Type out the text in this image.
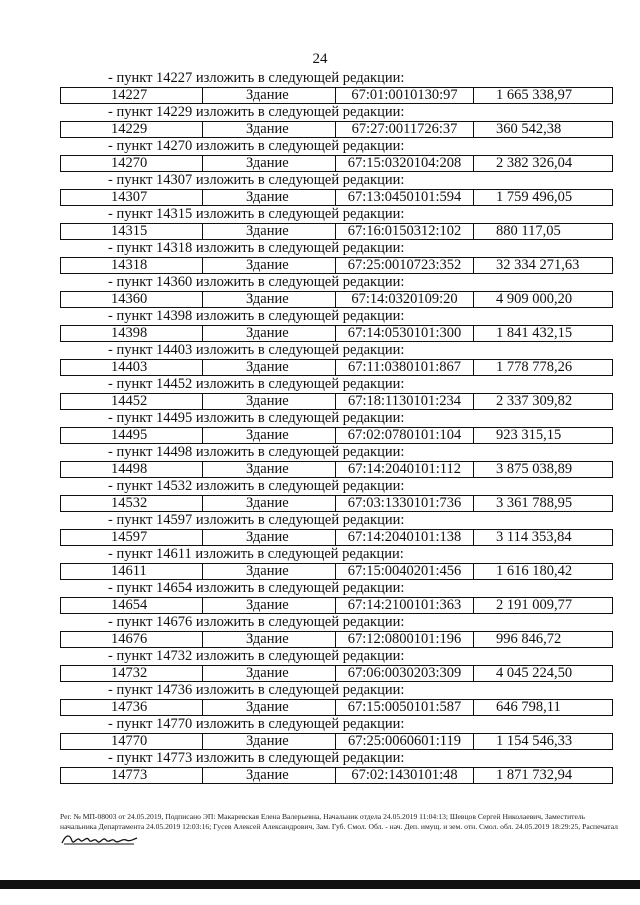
24
- пункт 14227 изложить в следующей редакции:
14227	Здание	67:01:0010130:97	1 665 338,97
- пункт 14229 изложить в следующей редакции:
14229	Здание	67:27:0011726:37	360 542,38
- пункт 14270 изложить в следующей редакции:
14270	Здание	67:15:0320104:208	2 382 326,04
- пункт 14307 изложить в следующей редакции:
14307	Здание	67:13:0450101:594	1 759 496,05
- пункт 14315 изложить в следующей редакции:
14315	Здание	67:16:0150312:102	880 117,05
- пункт 14318 изложить в следующей редакции:
14318	Здание	67:25:0010723:352	32 334 271,63
- пункт 14360 изложить в следующей редакции:
14360	Здание	67:14:0320109:20	4 909 000,20
- пункт 14398 изложить в следующей редакции:
14398	Здание	67:14:0530101:300	1 841 432,15
- пункт 14403 изложить в следующей редакции:
14403	Здание	67:11:0380101:867	1 778 778,26
- пункт 14452 изложить в следующей редакции:
14452	Здание	67:18:1130101:234	2 337 309,82
- пункт 14495 изложить в следующей редакции:
14495	Здание	67:02:0780101:104	923 315,15
- пункт 14498 изложить в следующей редакции:
14498	Здание	67:14:2040101:112	3 875 038,89
- пункт 14532 изложить в следующей редакции:
14532	Здание	67:03:1330101:736	3 361 788,95
- пункт 14597 изложить в следующей редакции:
14597	Здание	67:14:2040101:138	3 114 353,84
- пункт 14611 изложить в следующей редакции:
14611	Здание	67:15:0040201:456	1 616 180,42
- пункт 14654 изложить в следующей редакции:
14654	Здание	67:14:2100101:363	2 191 009,77
- пункт 14676 изложить в следующей редакции:
14676	Здание	67:12:0800101:196	996 846,72
- пункт 14732 изложить в следующей редакции:
14732	Здание	67:06:0030203:309	4 045 224,50
- пункт 14736 изложить в следующей редакции:
14736	Здание	67:15:0050101:587	646 798,11
- пункт 14770 изложить в следующей редакции:
14770	Здание	67:25:0060601:119	1 154 546,33
- пункт 14773 изложить в следующей редакции:
14773	Здание	67:02:1430101:48	1 871 732,94
Рег. № МП-08003 от 24.05.2019, Подписано ЭП: Макаревская Елена Валерьевна, Начальник отдела 24.05.2019 11:04:13; Шевцов Сергей Николаевич, Заместитель начальника Департамента 24.05.2019 12:03:16; Гусев Алексей Александрович, Зам. Губ. Смол. Обл. - нач. Деп. имущ. и зем. отн. Смол. обл. 24.05.2019 18:29:25, Распечатал
